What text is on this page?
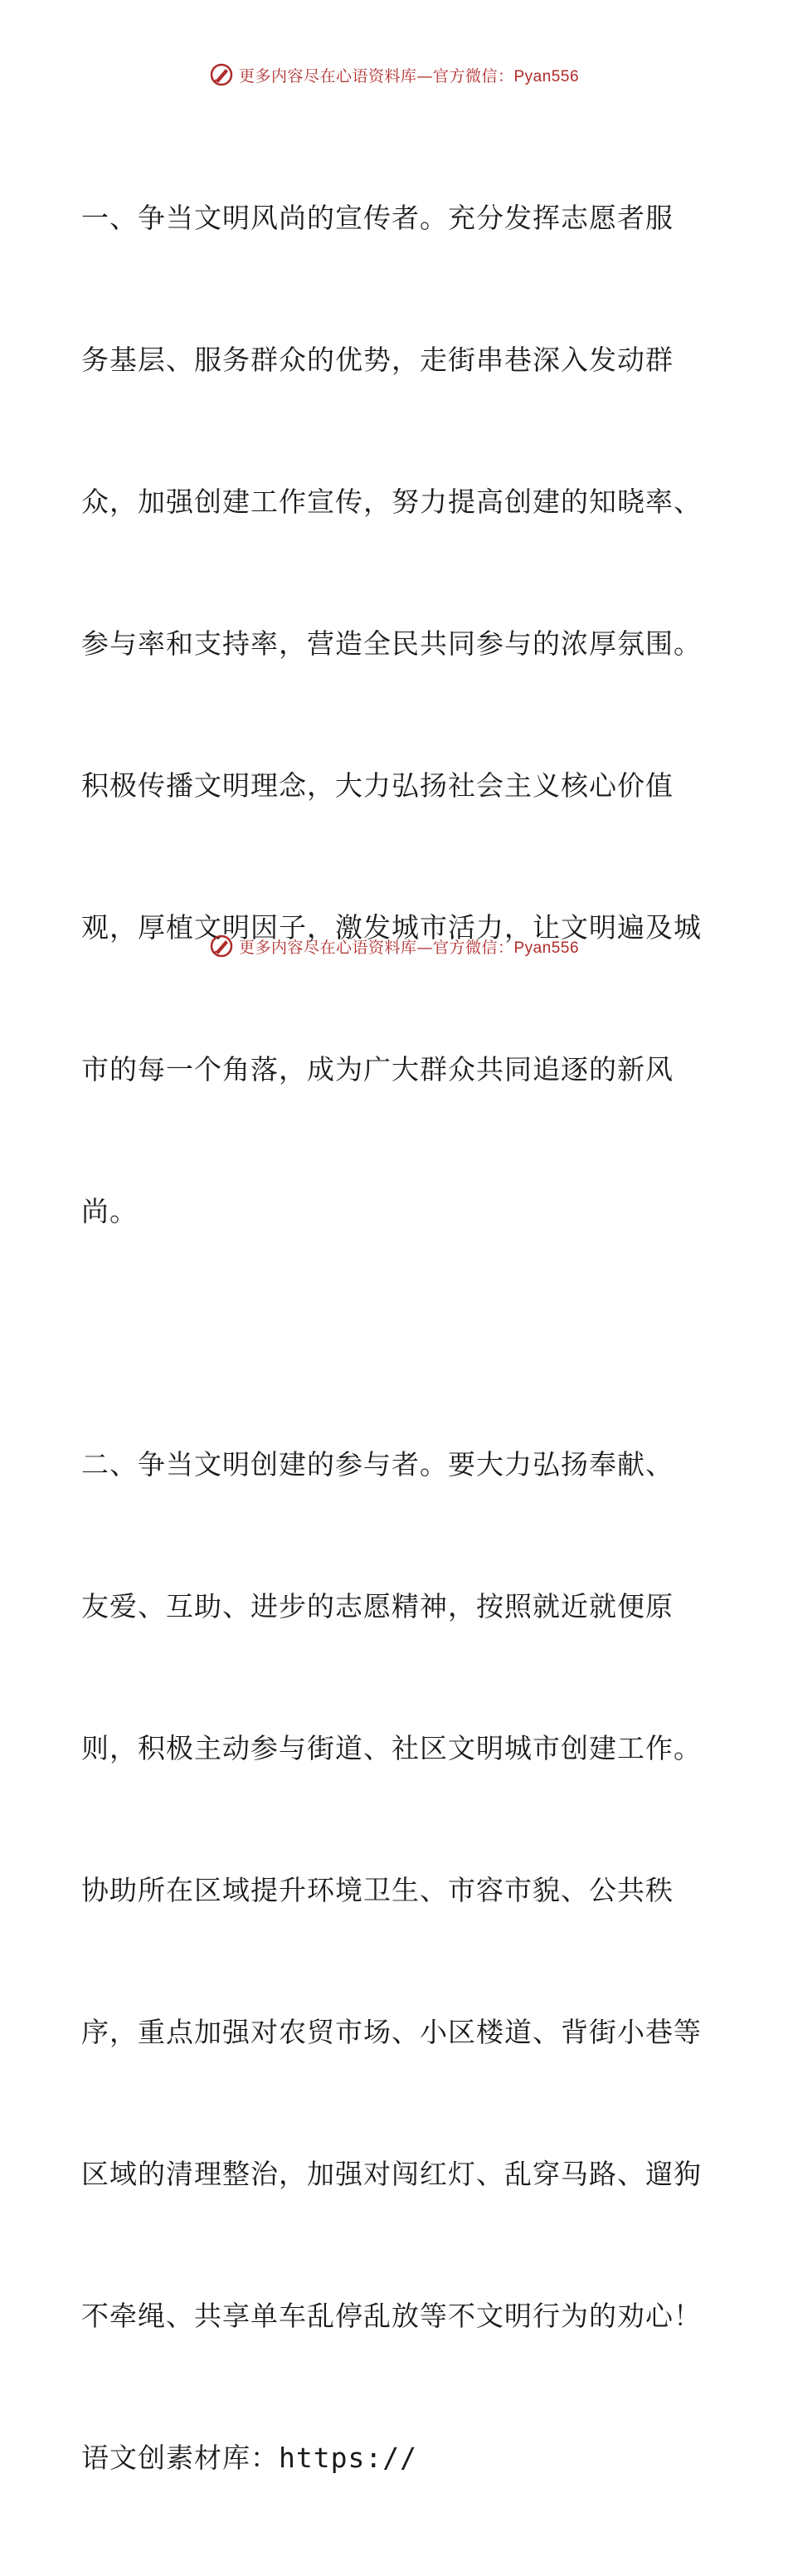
更多内容尽在心语资料库—官方微信：Pyan556

一、争当文明风尚的宣传者。充分发挥志愿者服

务基层、服务群众的优势，走街串巷深入发动群

众，加强创建工作宣传，努力提高创建的知晓率、

参与率和支持率，营造全民共同参与的浓厚氛围。

积极传播文明理念，大力弘扬社会主义核心价值

观，厚植文明因子，激发城市活力，让文明遍及城

市的每一个角落，成为广大群众共同追逐的新风

尚。

二、争当文明创建的参与者。要大力弘扬奉献、

友爱、互助、进步的志愿精神，按照就近就便原

则，积极主动参与街道、社区文明城市创建工作。

协助所在区域提升环境卫生、市容市貌、公共秩

序，重点加强对农贸市场、小区楼道、背街小巷等

区域的清理整治，加强对闯红灯、乱穿马路、遛狗

不牵绳、共享单车乱停乱放等不文明行为的劝心！

语文创素材库：https://

更多内容尽在心语资料库—官方微信：Pyan556
